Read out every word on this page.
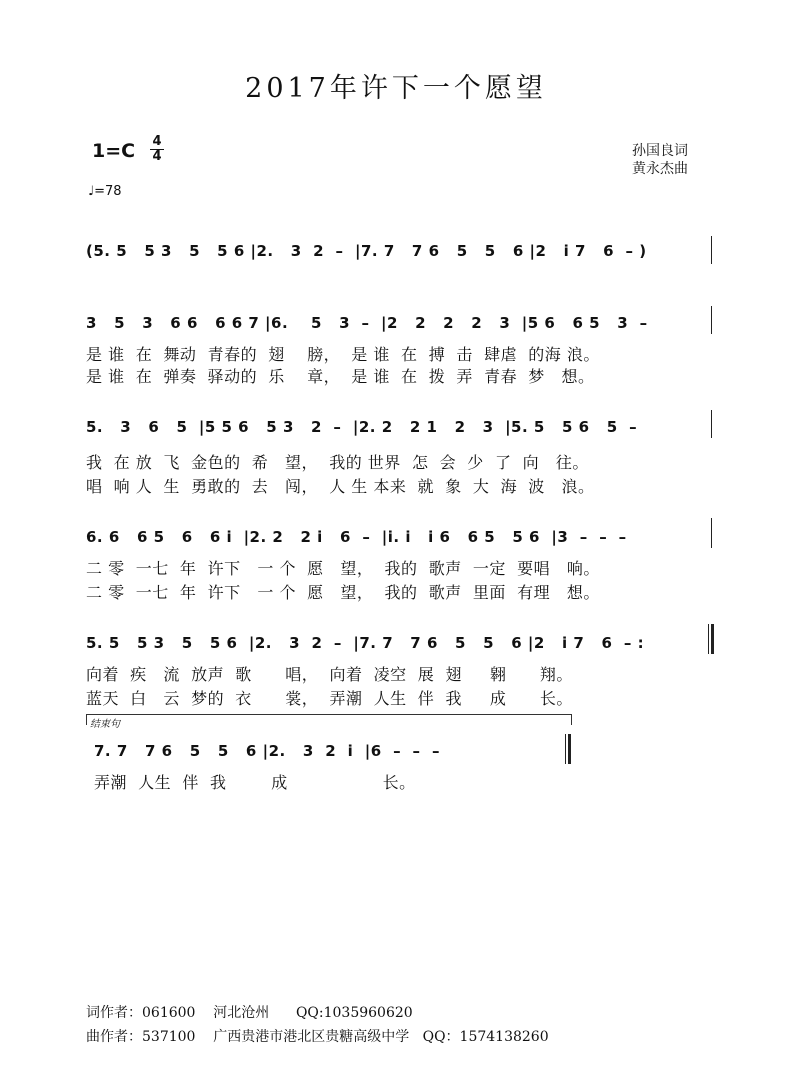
2017年许下一个愿望
1=C 4
4
♩=78
孙国良词
黄永杰曲
(5. 5   5 3   5   5 6 |2.   3  2  –  |7. 7   7 6   5   5   6 |2   i 7   6  – )
3   5   3   6 6   6 6 7 |6.    5   3  –  |2   2   2   2   3  |5 6   6 5   3  –
是 谁  在  舞动  青春的  翅    膀，  是 谁  在  搏  击  肆虐  的海 浪。
是 谁  在  弹奏  驿动的  乐    章，  是 谁  在  拨  弄  青春  梦   想。
5.   3   6   5  |5 5 6   5 3   2  –  |2. 2   2 1   2   3  |5. 5   5 6   5  –
我  在 放  飞  金色的  希   望，  我的 世界  怎  会  少  了  向   往。
唱  响 人  生  勇敢的  去   闯，  人 生 本来  就  象  大  海  波   浪。
6. 6   6 5   6   6 i  |2. 2   2 i   6  –  |i. i   i 6   6 5   5 6  |3  –  –  –
二 零  一七  年  许下   一 个  愿   望，  我的  歌声  一定  要唱   响。
二 零  一七  年  许下   一 个  愿   望，  我的  歌声  里面  有理   想。
5. 5   5 3   5   5 6  |2.   3  2  –  |7. 7   7 6   5   5   6 |2   i 7   6  – :
向着  疾   流  放声  歌      唱，  向着  凌空  展  翅     翱      翔。
蓝天  白   云  梦的  衣      裳，  弄潮  人生  伴  我     成      长。
结束句
7. 7   7 6   5   5   6 |2.   3  2  i  |6  –  –  –
弄潮  人生  伴  我        成                 长。
词作者：061600    河北沧州      QQ:1035960620
曲作者：537100    广西贵港市港北区贵糖高级中学   QQ：1574138260
